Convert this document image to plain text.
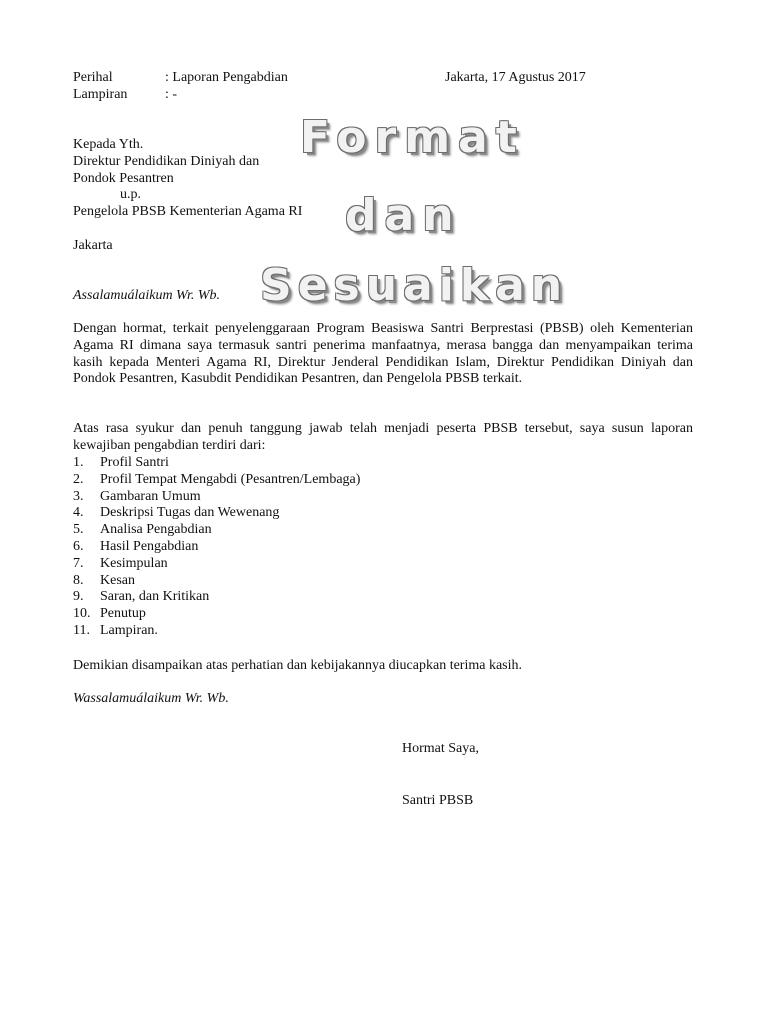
Perihal	: Laporan Pengabdian	Jakarta, 17 Agustus 2017
Lampiran	: -
Kepada Yth.
Direktur Pendidikan Diniyah dan
Pondok Pesantren
u.p.
Pengelola PBSB Kementerian Agama RI
Jakarta
Assalamuálaikum Wr. Wb.
Dengan hormat, terkait penyelenggaraan Program Beasiswa Santri Berprestasi (PBSB) oleh Kementerian Agama RI dimana saya termasuk santri penerima manfaatnya, merasa bangga dan menyampaikan terima kasih kepada Menteri Agama RI, Direktur Jenderal Pendidikan Islam, Direktur Pendidikan Diniyah dan Pondok Pesantren, Kasubdit Pendidikan Pesantren, dan Pengelola PBSB terkait.
Atas rasa syukur dan penuh tanggung jawab telah menjadi peserta PBSB tersebut, saya susun laporan kewajiban pengabdian terdiri dari:
1. Profil Santri
2. Profil Tempat Mengabdi (Pesantren/Lembaga)
3. Gambaran Umum
4. Deskripsi Tugas dan Wewenang
5. Analisa Pengabdian
6. Hasil Pengabdian
7. Kesimpulan
8. Kesan
9. Saran, dan Kritikan
10. Penutup
11. Lampiran.
Demikian disampaikan atas perhatian dan kebijakannya diucapkan terima kasih.
Wassalamuálaikum Wr. Wb.
Hormat Saya,
Santri PBSB
Format
dan
Sesuaikan
